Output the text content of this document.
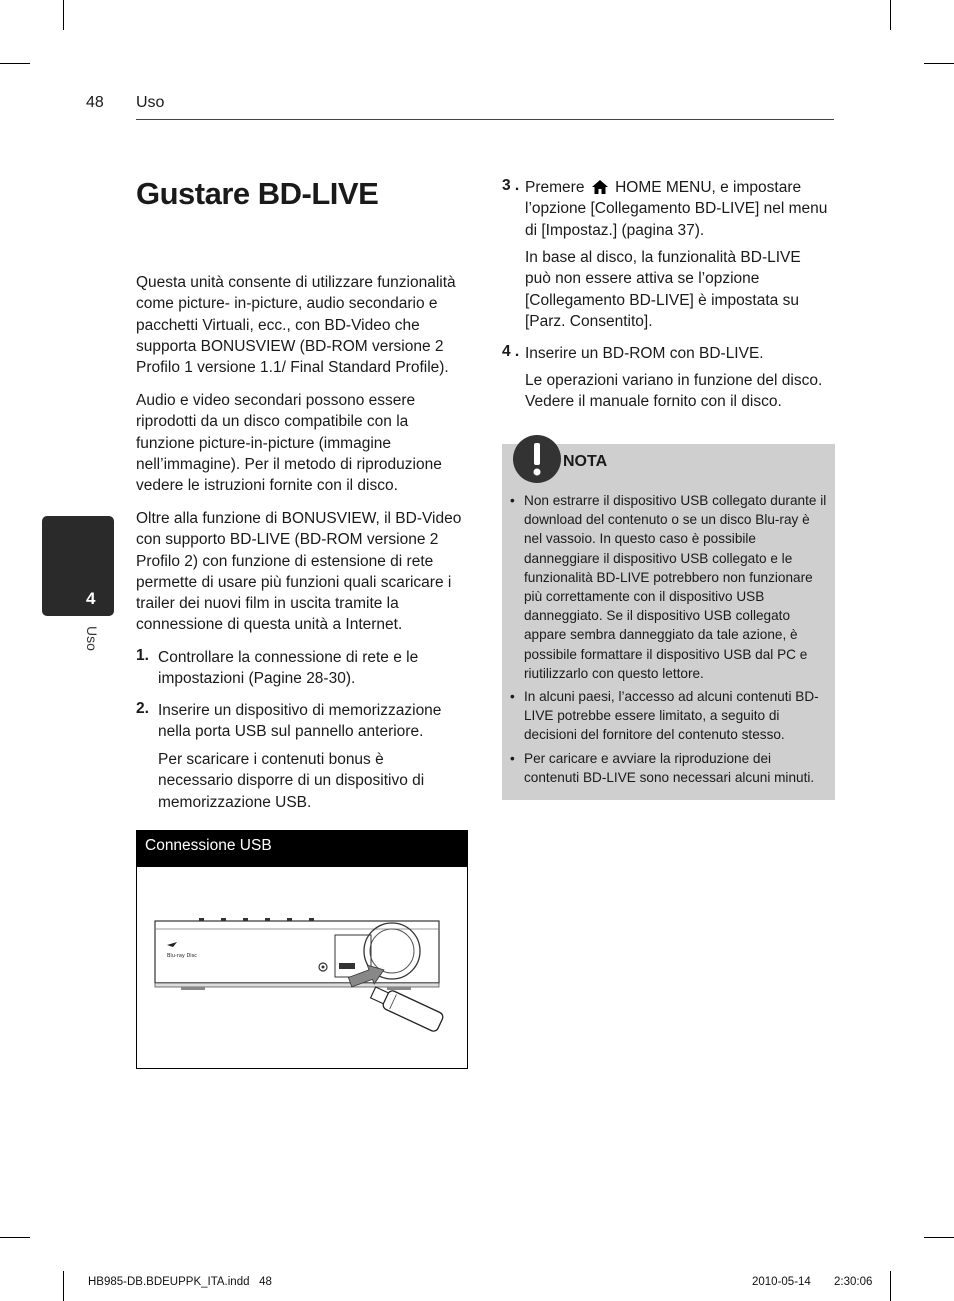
48 Uso
Gustare BD-LIVE

Questa unità consente di utilizzare funzionalità come picture- in-picture, audio secondario e pacchetti Virtuali, ecc., con BD-Video che supporta BONUSVIEW (BD-ROM versione 2 Profilo 1 versione 1.1/ Final Standard Profile).

Audio e video secondari possono essere riprodotti da un disco compatibile con la funzione picture-in-picture (immagine nell’immagine). Per il metodo di riproduzione vedere le istruzioni fornite con il disco.

Oltre alla funzione di BONUSVIEW, il BD-Video con supporto BD-LIVE (BD-ROM versione 2 Profilo 2) con funzione di estensione di rete permette di usare più funzioni quali scaricare i trailer dei nuovi film in uscita tramite la connessione di questa unità a Internet.

1. Controllare la connessione di rete e le impostazioni (Pagine 28-30).

2. Inserire un dispositivo di memorizzazione nella porta USB sul pannello anteriore.

Per scaricare i contenuti bonus è necessario disporre di un dispositivo di memorizzazione USB.

Connessione USB
Blu-ray Disc
3 . Premere HOME MENU, e impostare l’opzione [Collegamento BD-LIVE] nel menu di [Impostaz.] (pagina 37).

In base al disco, la funzionalità BD-LIVE può non essere attiva se l’opzione [Collegamento BD-LIVE] è impostata su [Parz. Consentito].

4 . Inserire un BD-ROM con BD-LIVE.

Le operazioni variano in funzione del disco. Vedere il manuale fornito con il disco.

NOTA
• Non estrarre il dispositivo USB collegato durante il download del contenuto o se un disco Blu-ray è nel vassoio. In questo caso è possibile danneggiare il dispositivo USB collegato e le funzionalità BD-LIVE potrebbero non funzionare più correttamente con il dispositivo USB danneggiato. Se il dispositivo USB collegato appare sembra danneggiato da tale azione, è possibile formattare il dispositivo USB dal PC e riutilizzarlo con questo lettore.
• In alcuni paesi, l’accesso ad alcuni contenuti BD-LIVE potrebbe essere limitato, a seguito di decisioni del fornitore del contenuto stesso.
• Per caricare e avviare la riproduzione dei contenuti BD-LIVE sono necessari alcuni minuti.
4
Uso
HB985-DB.BDEUPPK_ITA.indd   48	2010-05-14 2:30:06
